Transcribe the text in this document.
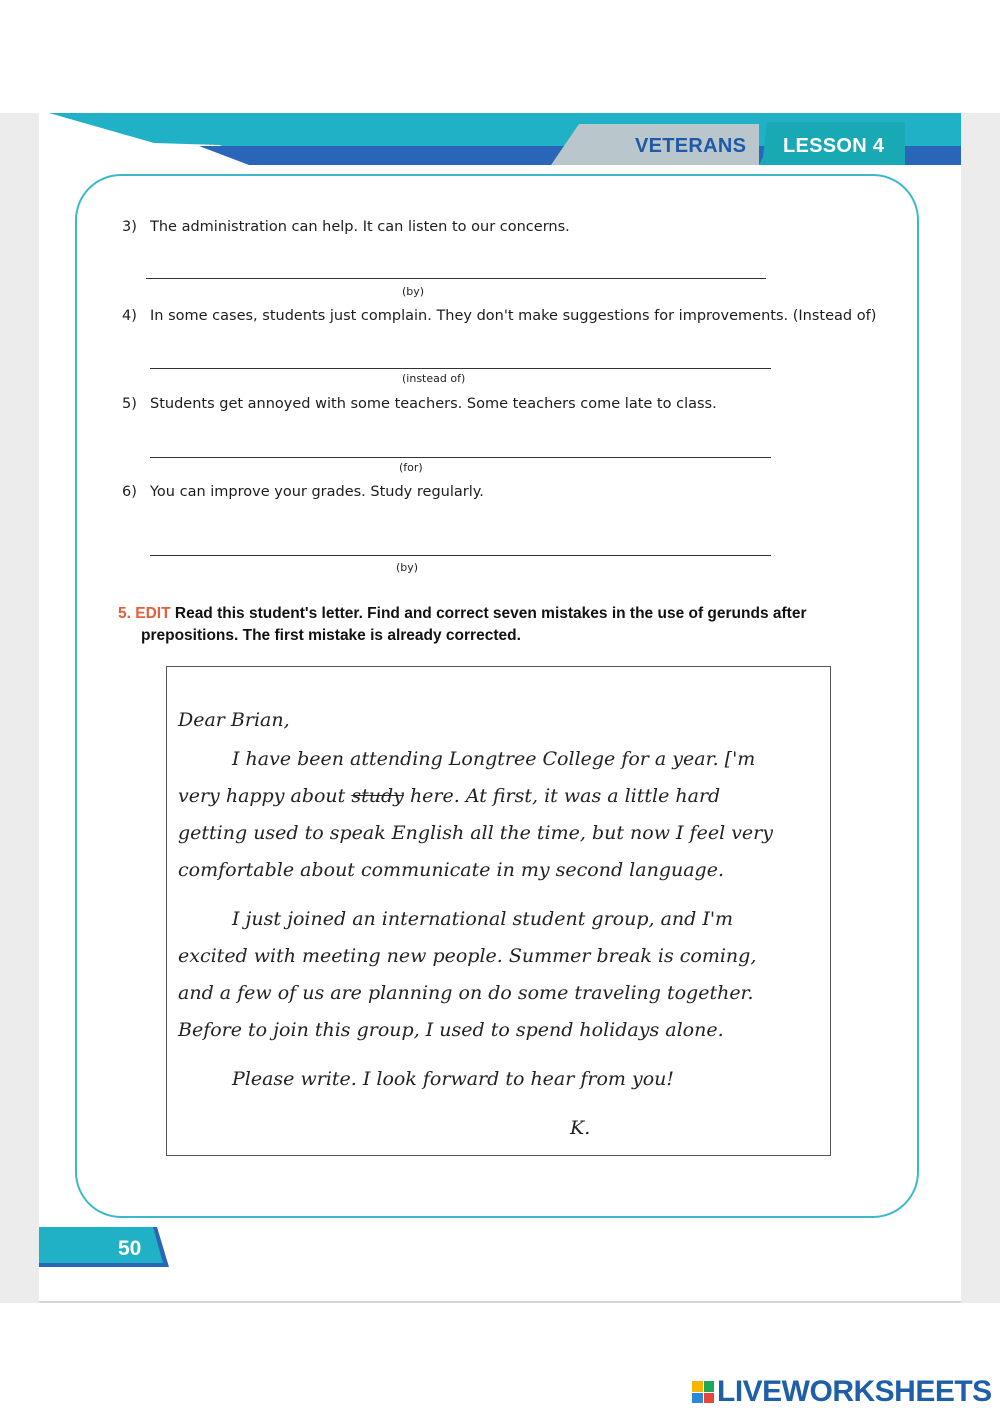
VETERANS LESSON 4
3) The administration can help. It can listen to our concerns.
(by)
4) In some cases, students just complain. They don't make suggestions for improvements. (Instead of)
(instead of)
5) Students get annoyed with some teachers. Some teachers come late to class.
(for)
6) You can improve your grades. Study regularly.
(by)
5. EDIT Read this student's letter. Find and correct seven mistakes in the use of gerunds after
prepositions. The first mistake is already corrected.
Dear Brian,
I have been attending Longtree College for a year. ['m
very happy about study here. At first, it was a little hard
getting used to speak English all the time, but now I feel very
comfortable about communicate in my second language.
I just joined an international student group, and I'm
excited with meeting new people. Summer break is coming,
and a few of us are planning on do some traveling together.
Before to join this group, I used to spend holidays alone.
Please write. I look forward to hear from you!
K.
50
LIVEWORKSHEETS
